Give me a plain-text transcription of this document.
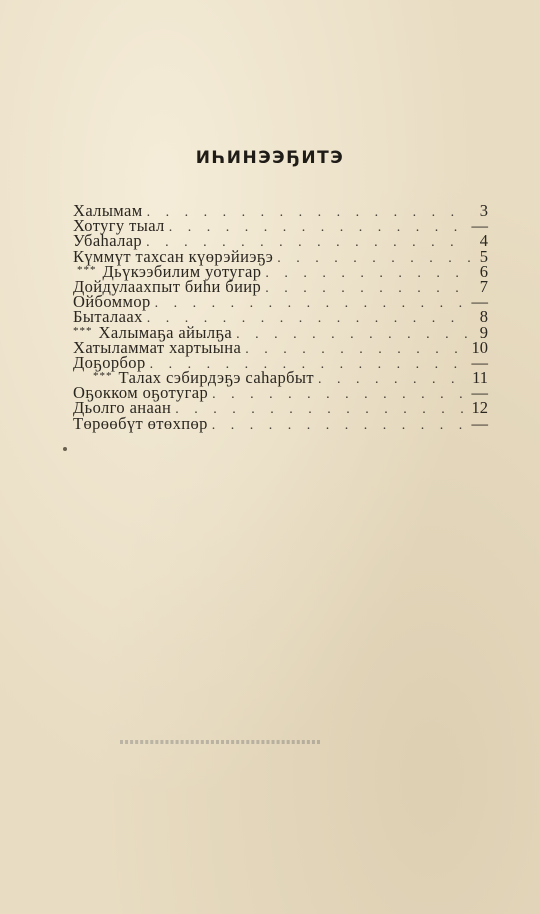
ИҺИНЭЭҔИТЭ
Халымам . . .	3
Хотугу тыал . . .	—
Убаһалар . . .	4
Күммүт тахсан күөрэйиэҕэ . . .	5
*** Дьүкээбилим уотугар . . .	6
Дойдулаахпыт биһи бииp . . .	7
Ойбоммор . . .	—
Быталаах . . .	8
*** Халымаҕа айылҕа . . .	9
Хатыламмат хартыына . . .	10
Доҕорбор . . .	—
*** Талах сэбирдэҕэ саһарбыт . . .	11
Оҕокком оҕотугар . . .	—
Дьолго анаан . . .	12
Төрөөбүт өтөхпөр . . .	—
